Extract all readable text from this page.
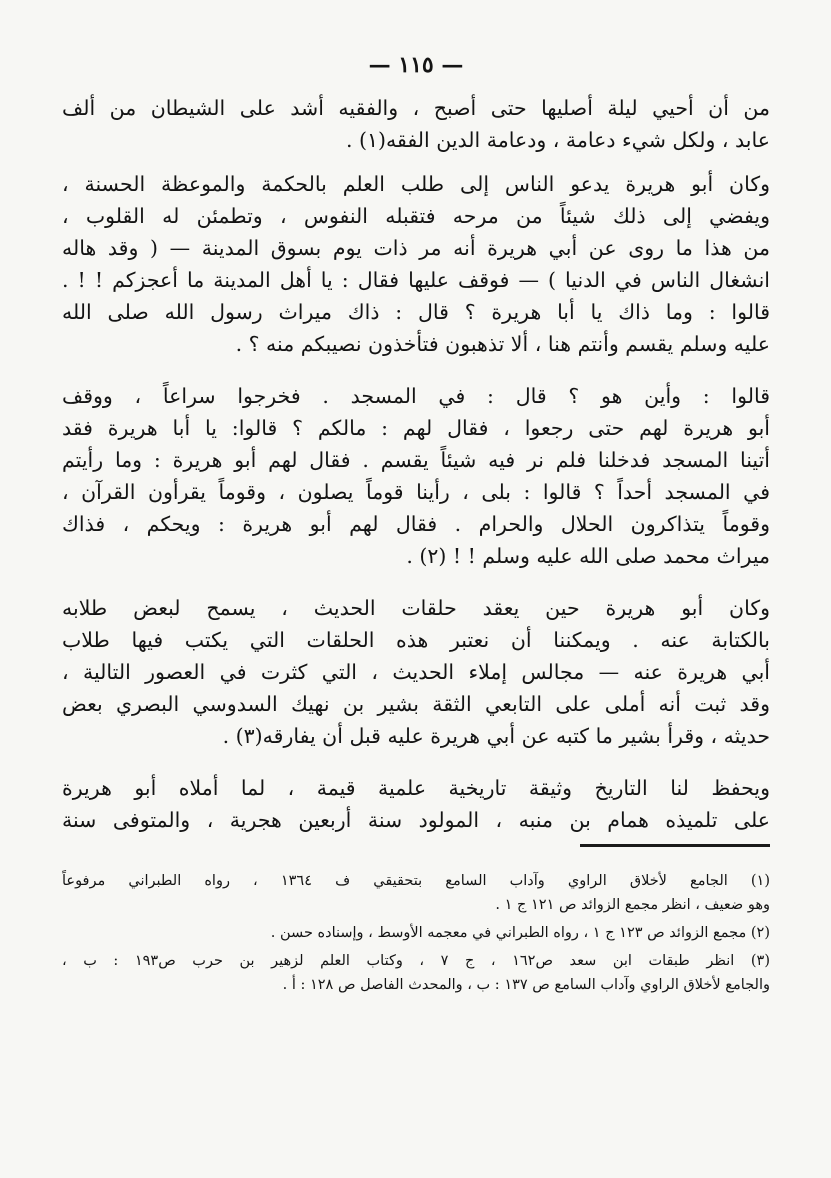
— ١١٥ —
من أن أحيي ليلة أصليها حتى أصبح ، والفقيه أشد على الشيطان من ألف
عابد ، ولكل شيء دعامة ، ودعامة الدين الفقه(١) .
وكان أبو هريرة يدعو الناس إلى طلب العلم بالحكمة والموعظة الحسنة ،
ويفضي إلى ذلك شيئاً من مرحه فتقبله النفوس ، وتطمئن له القلوب ،
من هذا ما روى عن أبي هريرة أنه مر ذات يوم بسوق المدينة — ( وقد هاله
انشغال الناس في الدنيا ) — فوقف عليها فقال : يا أهل المدينة ما أعجزكم ! ! .
قالوا : وما ذاك يا أبا هريرة ؟ قال : ذاك ميراث رسول الله صلى الله
عليه وسلم يقسم وأنتم هنا ، ألا تذهبون فتأخذون نصيبكم منه ؟ .
قالوا : وأين هو ؟ قال : في المسجد . فخرجوا سراعاً ، ووقف
أبو هريرة لهم حتى رجعوا ، فقال لهم : مالكم ؟ قالوا: يا أبا هريرة فقد
أتينا المسجد فدخلنا فلم نر فيه شيئاً يقسم . فقال لهم أبو هريرة : وما رأيتم
في المسجد أحداً ؟ قالوا : بلى ، رأينا قوماً يصلون ، وقوماً يقرأون القرآن ،
وقوماً يتذاكرون الحلال والحرام . فقال لهم أبو هريرة : ويحكم ، فذاك
ميراث محمد صلى الله عليه وسلم ! ! (٢) .
وكان أبو هريرة حين يعقد حلقات الحديث ، يسمح لبعض طلابه
بالكتابة عنه . ويمكننا أن نعتبر هذه الحلقات التي يكتب فيها طلاب
أبي هريرة عنه — مجالس إملاء الحديث ، التي كثرت في العصور التالية ،
وقد ثبت أنه أملى على التابعي الثقة بشير بن نهيك السدوسي البصري بعض
حديثه ، وقرأ بشير ما كتبه عن أبي هريرة عليه قبل أن يفارقه(٣) .
ويحفظ لنا التاريخ وثيقة تاريخية علمية قيمة ، لما أملاه أبو هريرة
على تلميذه همام بن منبه ، المولود سنة أربعين هجرية ، والمتوفى سنة
(١) الجامع لأخلاق الراوي وآداب السامع بتحقيقي ف ١٣٦٤ ، رواه الطبراني مرفوعاً
وهو ضعيف ، انظر مجمع الزوائد ص ١٢١ ج ١ .
(٢) مجمع الزوائد ص ١٢٣ ج ١ ، رواه الطبراني في معجمه الأوسط ، وإسناده حسن .
(٣) انظر طبقات ابن سعد ص١٦٢ ، ج ٧ ، وكتاب العلم لزهير بن حرب ص١٩٣ : ب ،
والجامع لأخلاق الراوي وآداب السامع ص ١٣٧ : ب ، والمحدث الفاصل ص ١٢٨ : أ .
